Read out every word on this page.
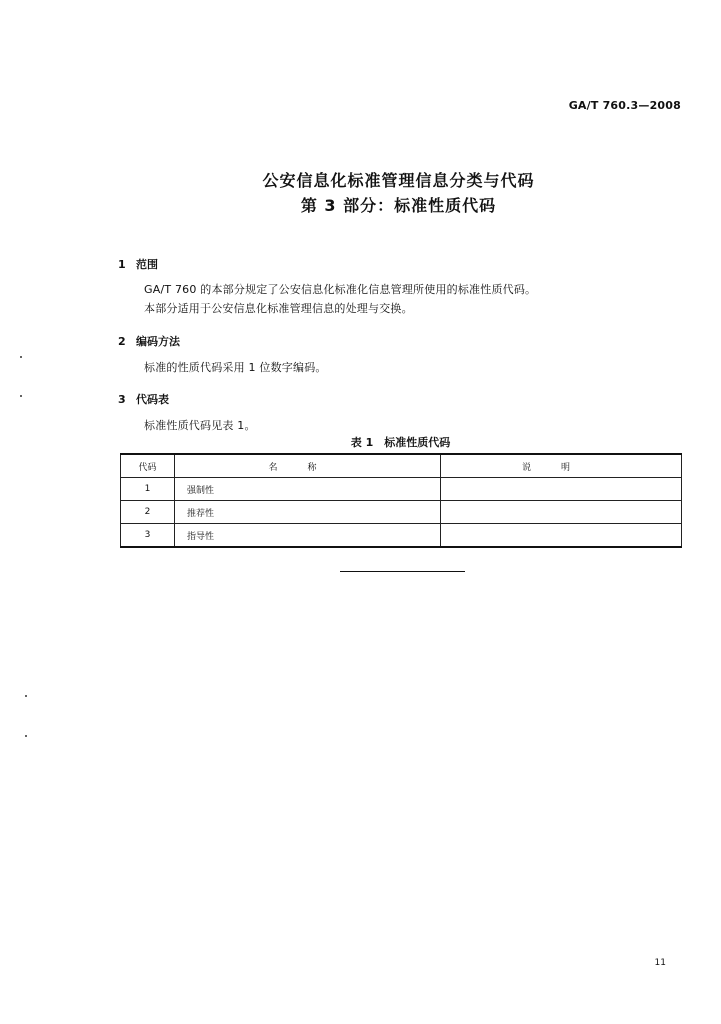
GA/T 760.3—2008
公安信息化标准管理信息分类与代码
第 3 部分：标准性质代码
1 范围
GA/T 760 的本部分规定了公安信息化标准化信息管理所使用的标准性质代码。
本部分适用于公安信息化标准管理信息的处理与交换。
2 编码方法
标准的性质代码采用 1 位数字编码。
3 代码表
标准性质代码见表 1。
表 1　标准性质代码
代码	名称	说明
1	强制性	
2	推荐性	
3	指导性	
11
